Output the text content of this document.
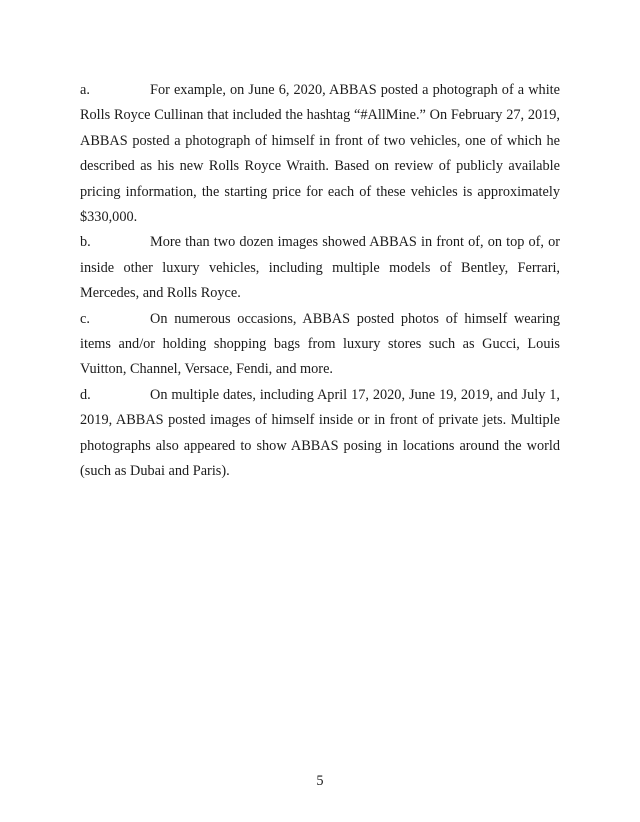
a.	For example, on June 6, 2020, ABBAS posted a photograph of a white Rolls Royce Cullinan that included the hashtag “#AllMine.” On February 27, 2019, ABBAS posted a photograph of himself in front of two vehicles, one of which he described as his new Rolls Royce Wraith. Based on review of publicly available pricing information, the starting price for each of these vehicles is approximately $330,000.

b.	More than two dozen images showed ABBAS in front of, on top of, or inside other luxury vehicles, including multiple models of Bentley, Ferrari, Mercedes, and Rolls Royce.

c.	On numerous occasions, ABBAS posted photos of himself wearing items and/or holding shopping bags from luxury stores such as Gucci, Louis Vuitton, Channel, Versace, Fendi, and more.

d.	On multiple dates, including April 17, 2020, June 19, 2019, and July 1, 2019, ABBAS posted images of himself inside or in front of private jets. Multiple photographs also appeared to show ABBAS posing in locations around the world (such as Dubai and Paris).

5
